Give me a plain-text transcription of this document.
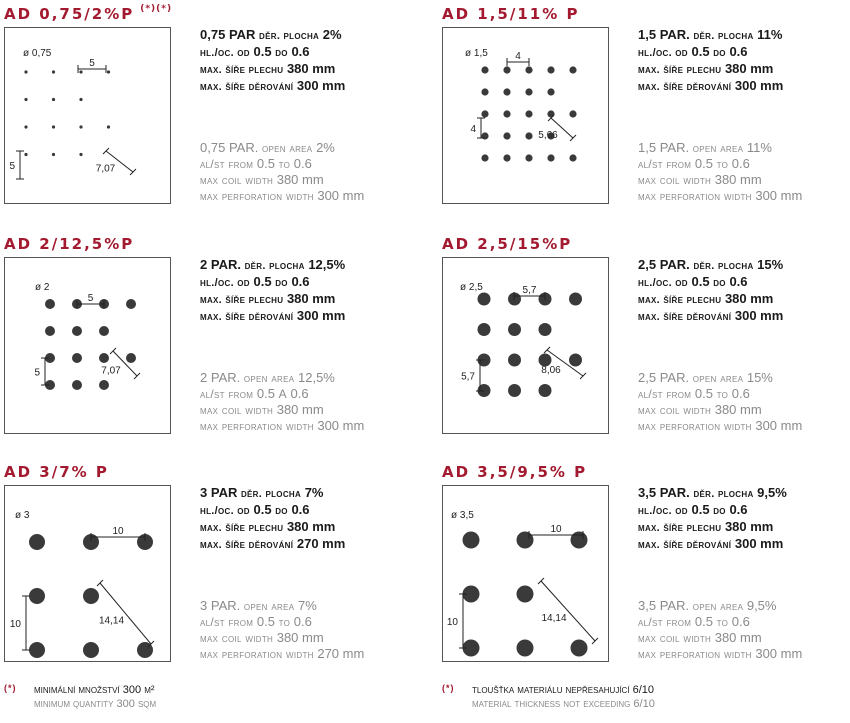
AD 0,75/2%P (*)(*)
ø 0,75
5
5	7,07
0,75 PAR děr. plocha 2%
hl./oc. od 0.5 do 0.6
max. šíře plechu 380 mm
max. šíře děrování 300 mm
0,75 PAR. open area 2%
al/st from 0.5 to 0.6
max coil width 380 mm
max perforation width 300 mm
AD 1,5/11% P
ø 1,5	4
4
5,66
1,5 PAR. děr. plocha 11%
hl./oc. od 0.5 do 0.6
max. šíře plechu 380 mm
max. šíře děrování 300 mm
1,5 PAR. open area 11%
al/st from 0.5 to 0.6
max coil width 380 mm
max perforation width 300 mm
AD 2/12,5%P
ø 2
5
5	7,07
2 PAR. děr. plocha 12,5%
hl./oc. od 0.5 do 0.6
max. šíře plechu 380 mm
max. šíře děrování 300 mm
2 PAR. open area 12,5%
al/st from 0.5 A 0.6
max coil width 380 mm
max perforation width 300 mm
AD 2,5/15%P
ø 2,5	5,7
5,7
8,06
2,5 PAR. děr. plocha 15%
hl./oc. od 0.5 do 0.6
max. šíře plechu 380 mm
max. šíře děrování 300 mm
2,5 PAR. open area 15%
al/st from 0.5 to 0.6
max coil width 380 mm
max perforation width 300 mm
AD 3/7% P
ø 3
10
10	14,14
3 PAR děr. plocha 7%
hl./oc. od 0.5 do 0.6
max. šíře plechu 380 mm
max. šíře děrování 270 mm
3 PAR. open area 7%
al/st from 0.5 to 0.6
max coil width 380 mm
max perforation width 270 mm
AD 3,5/9,5% P
ø 3,5
10
10	14,14
3,5 PAR. děr. plocha 9,5%
hl./oc. od 0.5 do 0.6
max. šíře plechu 380 mm
max. šíře děrování 300 mm
3,5 PAR. open area 9,5%
al/st from 0.5 to 0.6
max coil width 380 mm
max perforation width 300 mm
(*) minimální množství 300 m²
minimum quantity 300 sqm
(*) tloušťka materiálu nepřesahující 6/10
material thickness not exceeding 6/10
